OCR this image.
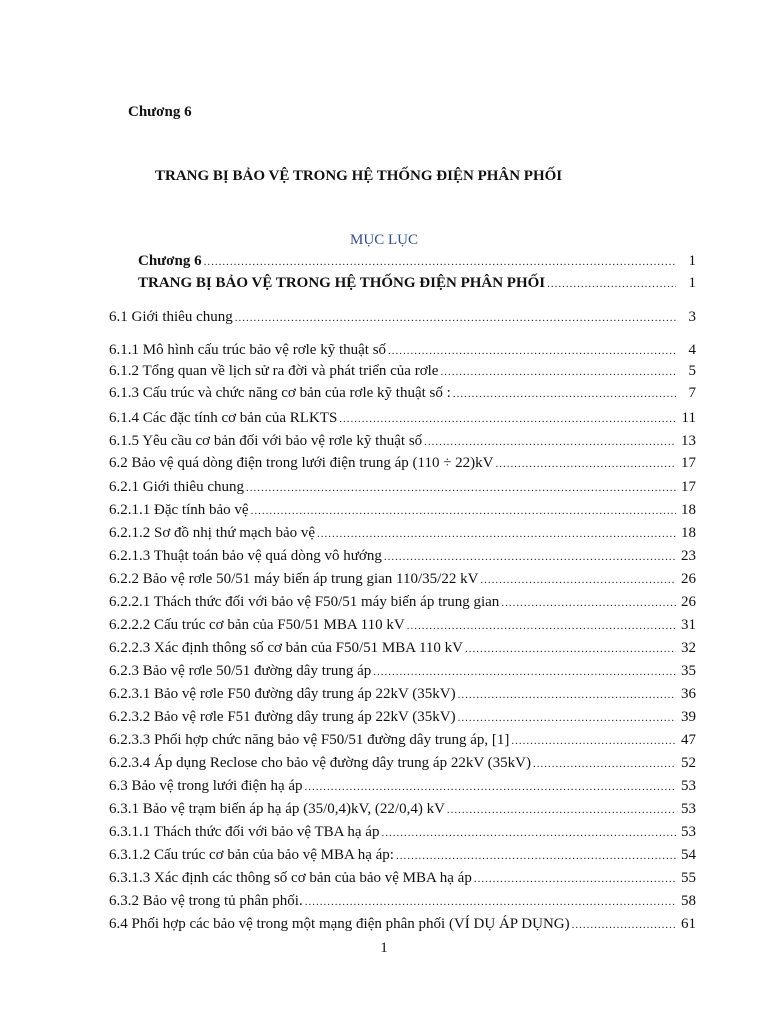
Chương 6
TRANG BỊ BẢO VỆ TRONG HỆ THỐNG ĐIỆN PHÂN PHỐI
MỤC LỤC
Chương 6 .....	1
TRANG BỊ BẢO VỆ TRONG HỆ THỐNG ĐIỆN PHÂN PHỐI .....	1
6.1 Giới thiêu chung .....	3
6.1.1 Mô hình cấu trúc bảo vệ rơle kỹ thuật số .....	4
6.1.2 Tổng quan về lịch sử ra đời và phát triển của rơle .....	5
6.1.3 Cấu trúc và chức năng cơ bản của rơle kỹ thuật số : .....	7
6.1.4 Các đặc tính cơ bản của RLKTS .....	11
6.1.5 Yêu cầu cơ bản đối với bảo vệ rơle kỹ thuật số .....	13
6.2 Bảo vệ quá dòng điện trong lưới điện trung áp (110 ÷ 22)kV .....	17
6.2.1 Giới thiêu chung .....	17
6.2.1.1 Đặc tính bảo vệ .....	18
6.2.1.2 Sơ đồ nhị thứ mạch bảo vệ .....	18
6.2.1.3 Thuật toán bảo vệ quá dòng vô hướng .....	23
6.2.2 Bảo vệ rơle 50/51 máy biến áp trung gian 110/35/22 kV .....	26
6.2.2.1 Thách thức đối với bảo vệ F50/51 máy biến áp trung gian .....	26
6.2.2.2 Cấu trúc cơ bản của F50/51 MBA 110 kV .....	31
6.2.2.3 Xác định thông số cơ bản của F50/51 MBA 110 kV .....	32
6.2.3 Bảo vệ rơle 50/51 đường dây trung áp .....	35
6.2.3.1 Bảo vệ rơle F50 đường dây trung áp 22kV (35kV) .....	36
6.2.3.2 Bảo vệ rơle F51 đường dây trung áp 22kV (35kV) .....	39
6.2.3.3 Phối hợp chức năng bảo vệ F50/51 đường dây trung áp, [1] .....	47
6.2.3.4 Áp dụng Reclose cho bảo vệ đường dây trung áp 22kV (35kV) .....	52
6.3 Bảo vệ trong lưới điện hạ áp .....	53
6.3.1 Bảo vệ trạm biến áp hạ áp (35/0,4)kV, (22/0,4) kV .....	53
6.3.1.1 Thách thức đối với bảo vệ TBA hạ áp .....	53
6.3.1.2 Cấu trúc cơ bản của bảo vệ MBA hạ áp: .....	54
6.3.1.3 Xác định các thông số cơ bản của bảo vệ MBA hạ áp .....	55
6.3.2 Bảo vệ trong tủ phân phối. .....	58
6.4 Phối hợp các bảo vệ trong một mạng điện phân phối (VÍ DỤ ÁP DỤNG) .....	61
1
